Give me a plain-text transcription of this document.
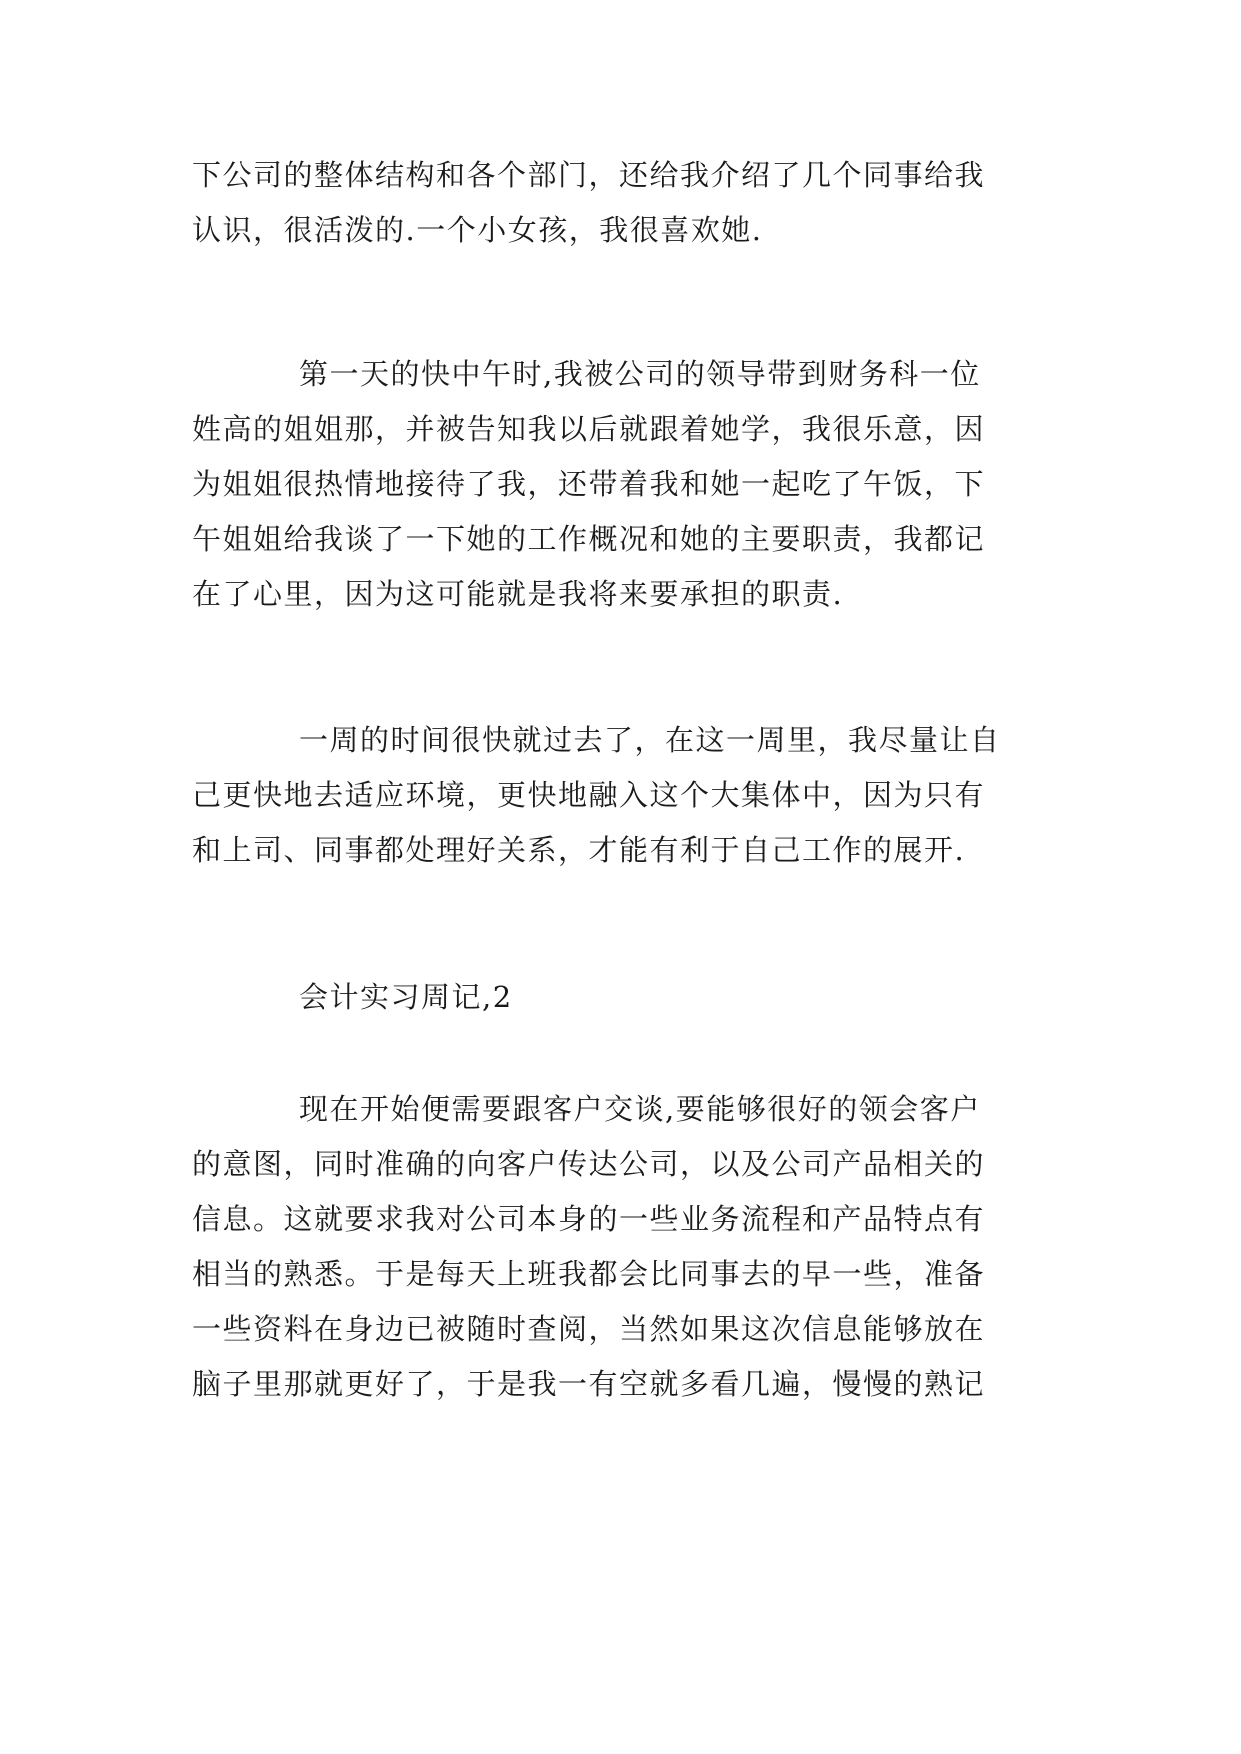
下公司的整体结构和各个部门，还给我介绍了几个同事给我
认识，很活泼的.一个小女孩，我很喜欢她.
第一天的快中午时,我被公司的领导带到财务科一位
姓高的姐姐那，并被告知我以后就跟着她学，我很乐意，因
为姐姐很热情地接待了我，还带着我和她一起吃了午饭，下
午姐姐给我谈了一下她的工作概况和她的主要职责，我都记
在了心里，因为这可能就是我将来要承担的职责.
一周的时间很快就过去了，在这一周里，我尽量让自
己更快地去适应环境，更快地融入这个大集体中，因为只有
和上司、同事都处理好关系，才能有利于自己工作的展开.
会计实习周记,2
现在开始便需要跟客户交谈,要能够很好的领会客户
的意图，同时准确的向客户传达公司，以及公司产品相关的
信息。这就要求我对公司本身的一些业务流程和产品特点有
相当的熟悉。于是每天上班我都会比同事去的早一些，准备
一些资料在身边已被随时查阅，当然如果这次信息能够放在
脑子里那就更好了，于是我一有空就多看几遍，慢慢的熟记
